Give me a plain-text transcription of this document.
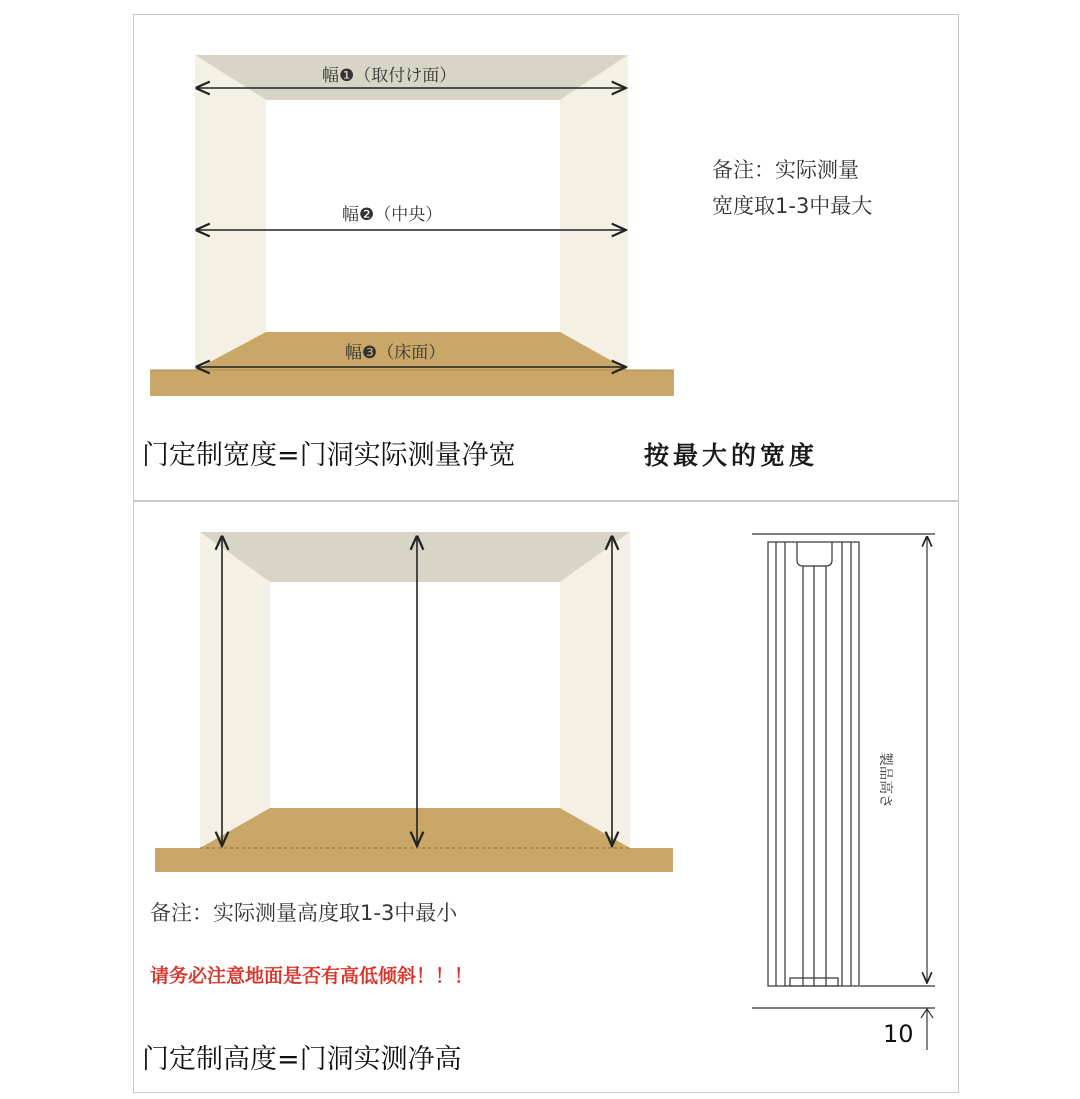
幅❶（取付け面）
幅❷（中央）
幅❸（床面）
备注：实际测量
宽度取1-3中最大
门定制宽度=门洞实际测量净宽	按最大的宽度
备注：实际测量高度取1-3中最小
请务必注意地面是否有高低倾斜！！！
门定制高度=门洞实测净高
製品高さ
10
